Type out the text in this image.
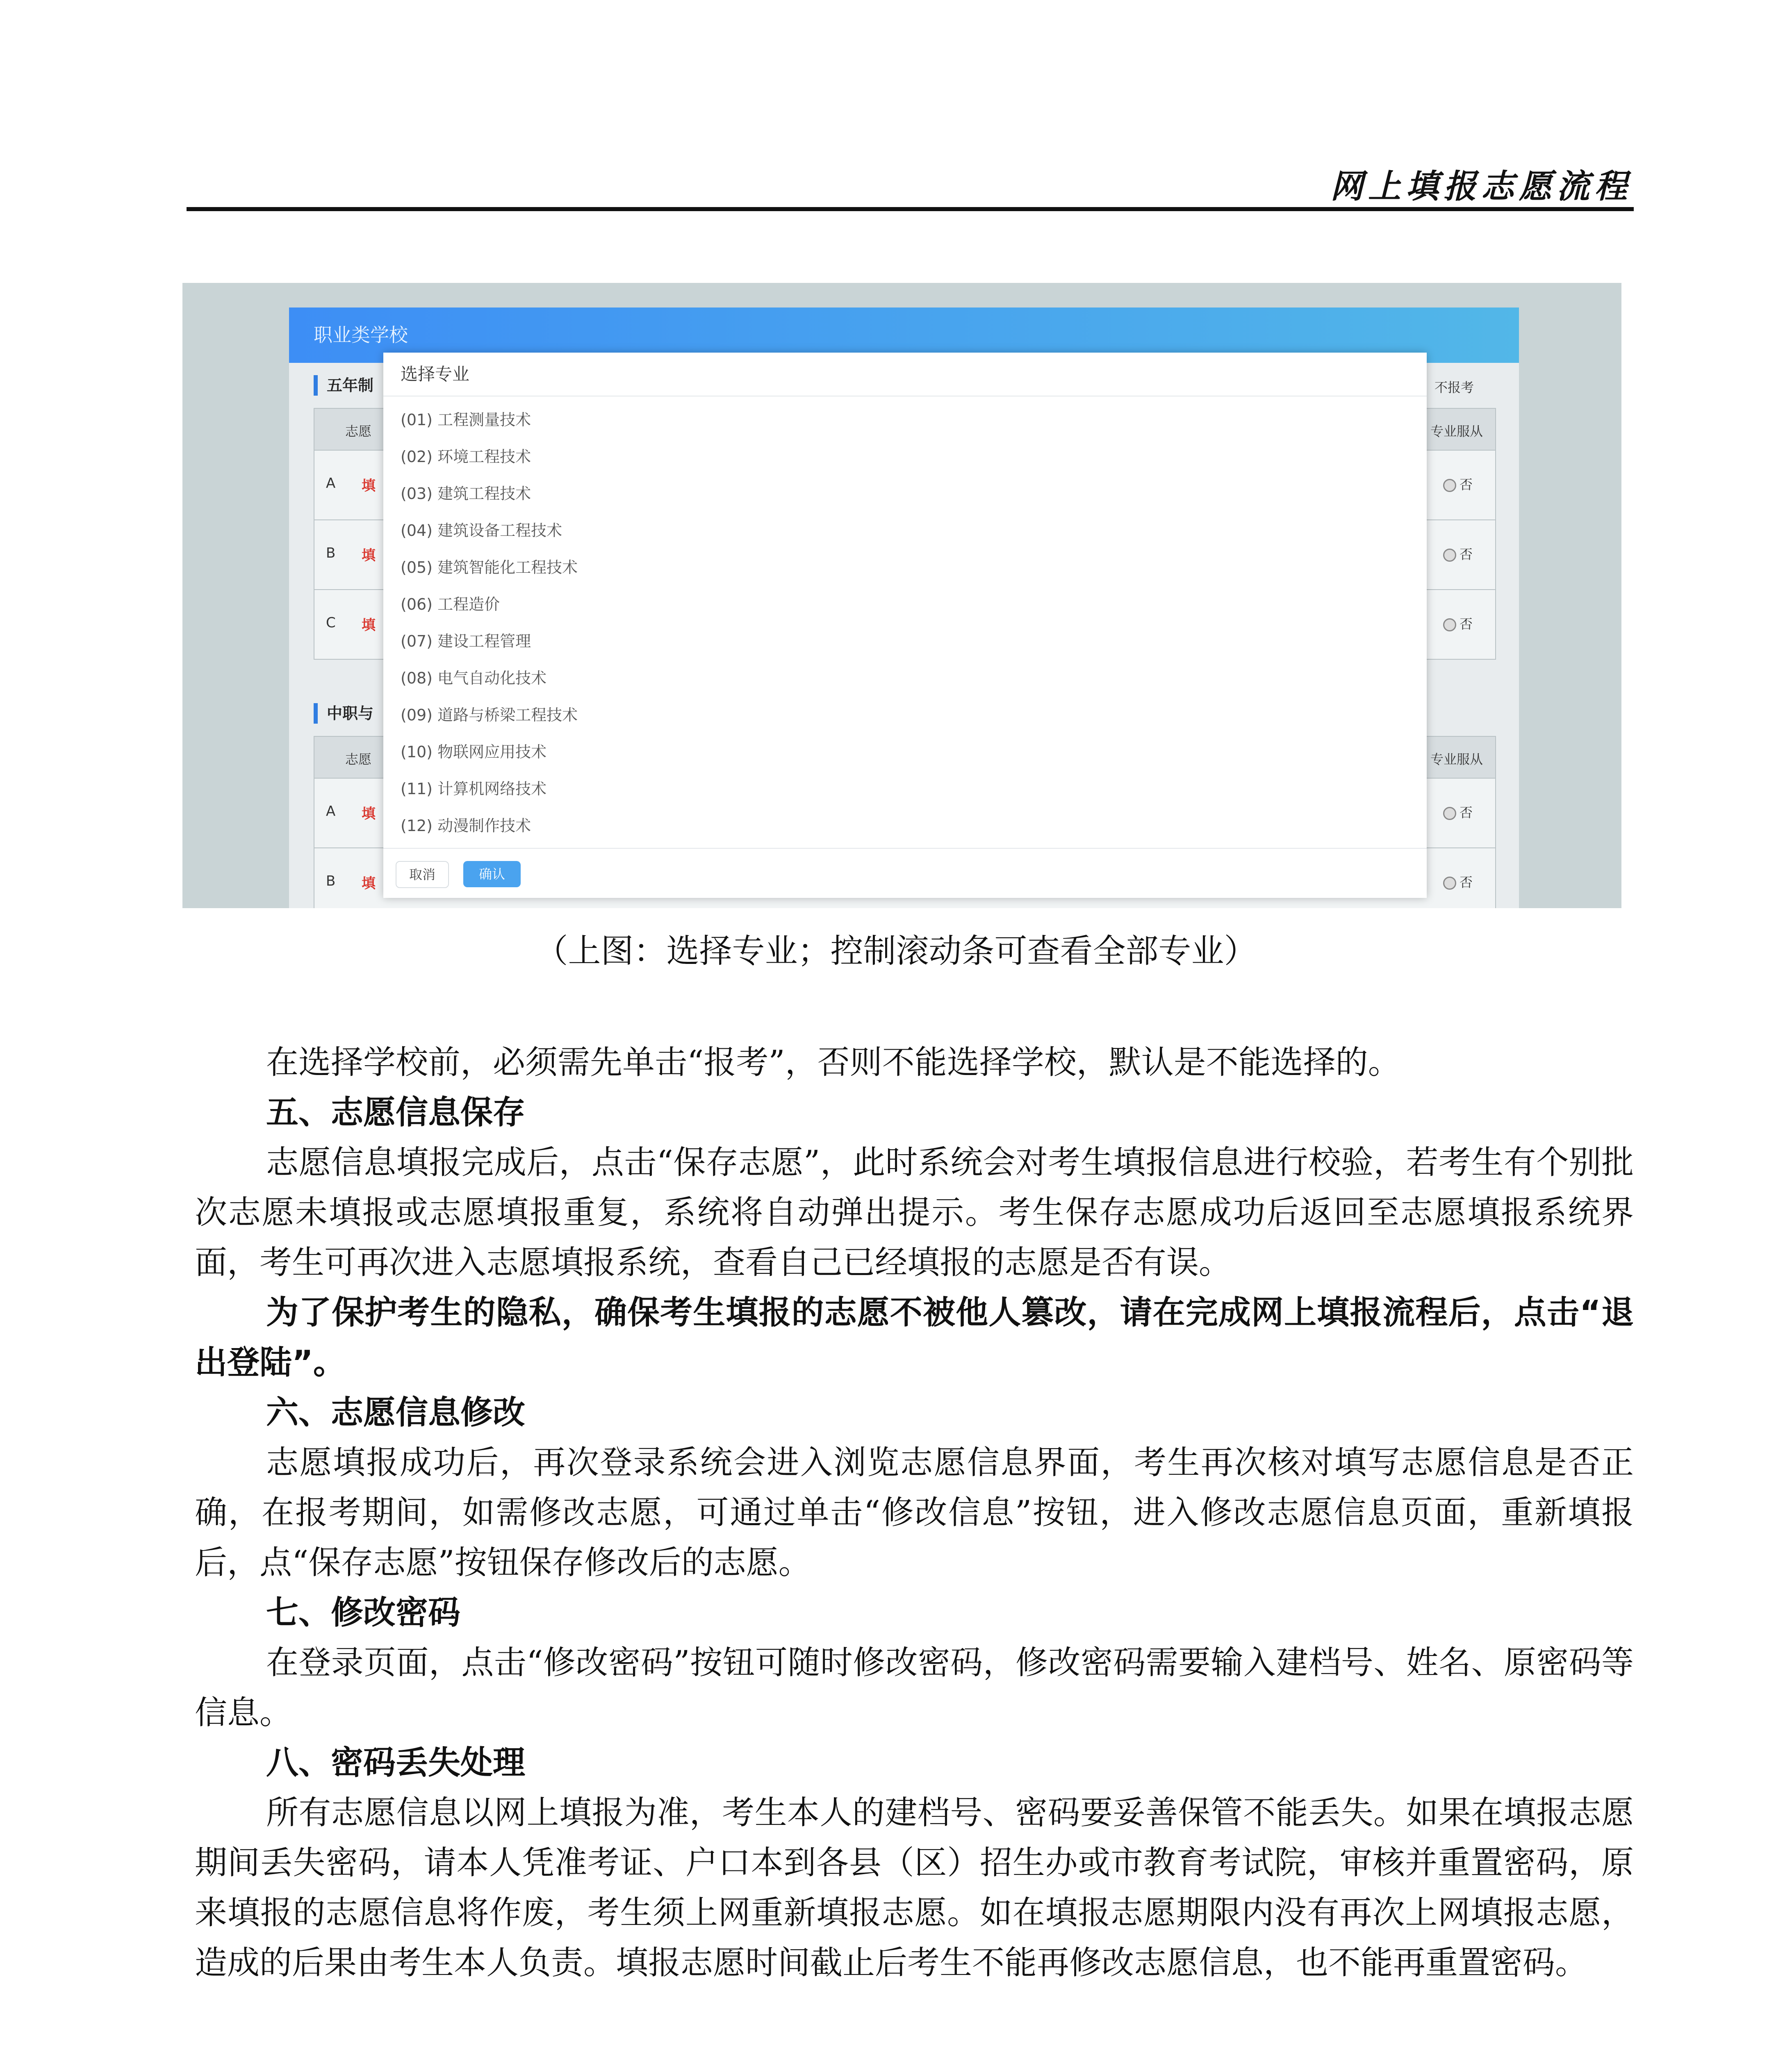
网上填报志愿流程
职业类学校
五年制	不报考
志愿	专业服从
A 填	否
B 填	否
C 填	否
中职与
志愿	专业服从
A 填	否
B 填	否
选择专业
(01) 工程测量技术
(02) 环境工程技术
(03) 建筑工程技术
(04) 建筑设备工程技术
(05) 建筑智能化工程技术
(06) 工程造价
(07) 建设工程管理
(08) 电气自动化技术
(09) 道路与桥梁工程技术
(10) 物联网应用技术
(11) 计算机网络技术
(12) 动漫制作技术
取消	确认
（上图：选择专业；控制滚动条可查看全部专业）

在选择学校前，必须需先单击“报考”，否则不能选择学校，默认是不能选择的。

五、志愿信息保存

志愿信息填报完成后，点击“保存志愿”，此时系统会对考生填报信息进行校验，若考生有个别批次志愿未填报或志愿填报重复，系统将自动弹出提示。考生保存志愿成功后返回至志愿填报系统界面，考生可再次进入志愿填报系统，查看自己已经填报的志愿是否有误。

为了保护考生的隐私，确保考生填报的志愿不被他人篡改，请在完成网上填报流程后，点击“退出登陆”。

六、志愿信息修改

志愿填报成功后，再次登录系统会进入浏览志愿信息界面，考生再次核对填写志愿信息是否正确，在报考期间，如需修改志愿，可通过单击“修改信息”按钮，进入修改志愿信息页面，重新填报后，点“保存志愿”按钮保存修改后的志愿。

七、修改密码

在登录页面，点击“修改密码”按钮可随时修改密码，修改密码需要输入建档号、姓名、原密码等信息。

八、密码丢失处理

所有志愿信息以网上填报为准，考生本人的建档号、密码要妥善保管不能丢失。如果在填报志愿期间丢失密码，请本人凭准考证、户口本到各县（区）招生办或市教育考试院，审核并重置密码，原来填报的志愿信息将作废，考生须上网重新填报志愿。如在填报志愿期限内没有再次上网填报志愿，造成的后果由考生本人负责。填报志愿时间截止后考生不能再修改志愿信息，也不能再重置密码。
